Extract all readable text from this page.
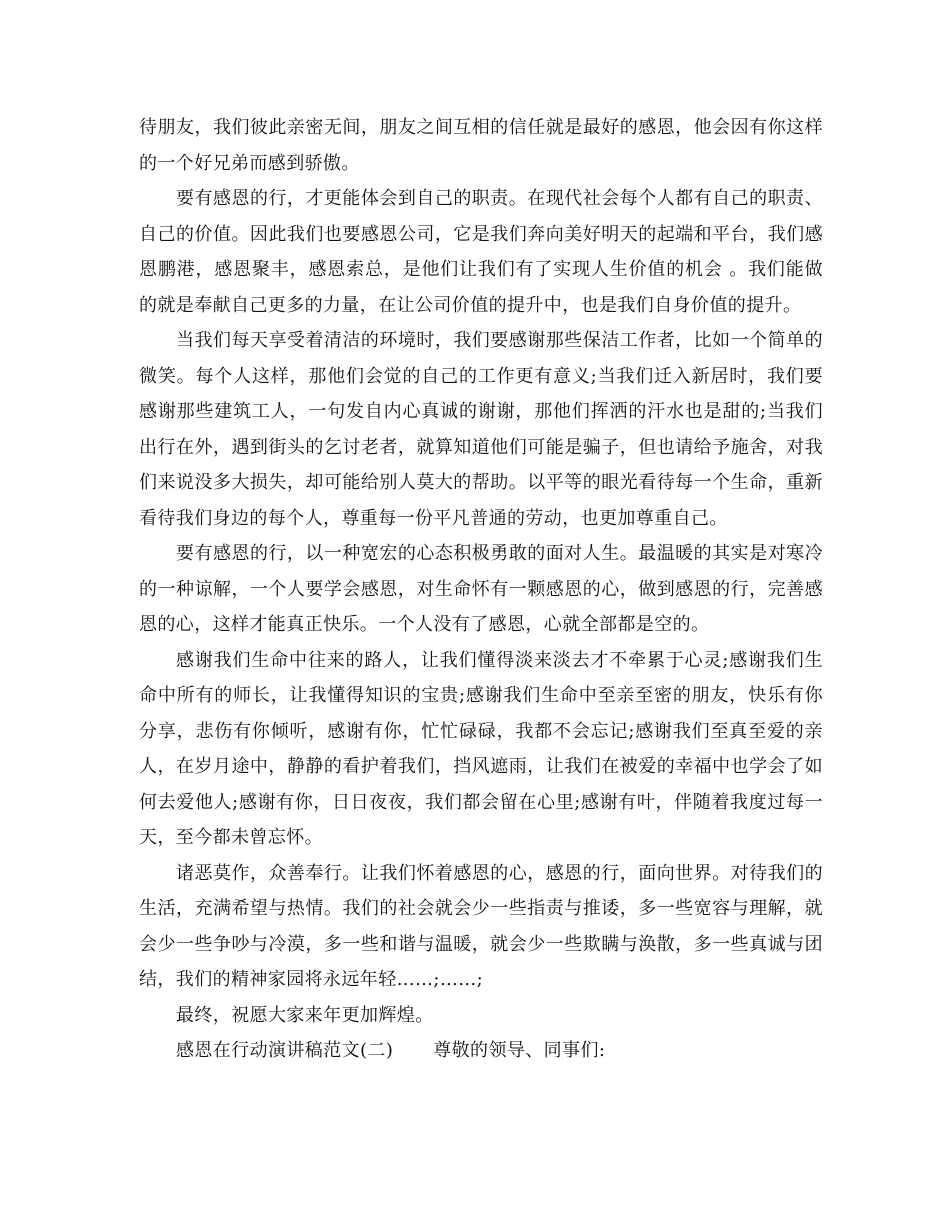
待朋友，我们彼此亲密无间，朋友之间互相的信任就是最好的感恩，他会因有你这样的一个好兄弟而感到骄傲。

要有感恩的行，才更能体会到自己的职责。在现代社会每个人都有自己的职责、自己的价值。因此我们也要感恩公司，它是我们奔向美好明天的起端和平台，我们感恩鹏港，感恩聚丰，感恩索总，是他们让我们有了实现人生价值的机会 。我们能做的就是奉献自己更多的力量，在让公司价值的提升中，也是我们自身价值的提升。

当我们每天享受着清洁的环境时，我们要感谢那些保洁工作者，比如一个简单的微笑。每个人这样，那他们会觉的自己的工作更有意义;当我们迁入新居时，我们要感谢那些建筑工人，一句发自内心真诚的谢谢，那他们挥洒的汗水也是甜的;当我们出行在外，遇到街头的乞讨老者，就算知道他们可能是骗子，但也请给予施舍，对我们来说没多大损失，却可能给别人莫大的帮助。以平等的眼光看待每一个生命，重新看待我们身边的每个人，尊重每一份平凡普通的劳动，也更加尊重自己。

要有感恩的行，以一种宽宏的心态积极勇敢的面对人生。最温暖的其实是对寒冷的一种谅解，一个人要学会感恩，对生命怀有一颗感恩的心，做到感恩的行，完善感恩的心，这样才能真正快乐。一个人没有了感恩，心就全部都是空的。

感谢我们生命中往来的路人，让我们懂得淡来淡去才不牵累于心灵;感谢我们生命中所有的师长，让我懂得知识的宝贵;感谢我们生命中至亲至密的朋友，快乐有你分享，悲伤有你倾听，感谢有你，忙忙碌碌，我都不会忘记;感谢我们至真至爱的亲人，在岁月途中，静静的看护着我们，挡风遮雨，让我们在被爱的幸福中也学会了如何去爱他人;感谢有你，日日夜夜，我们都会留在心里;感谢有叶，伴随着我度过每一天，至今都未曾忘怀。

诸恶莫作，众善奉行。让我们怀着感恩的心，感恩的行，面向世界。对待我们的生活，充满希望与热情。我们的社会就会少一些指责与推诿，多一些宽容与理解，就会少一些争吵与冷漠，多一些和谐与温暖，就会少一些欺瞒与涣散，多一些真诚与团结，我们的精神家园将永远年轻……;……;

最终，祝愿大家来年更加辉煌。

感恩在行动演讲稿范文(二) 尊敬的领导、同事们:
